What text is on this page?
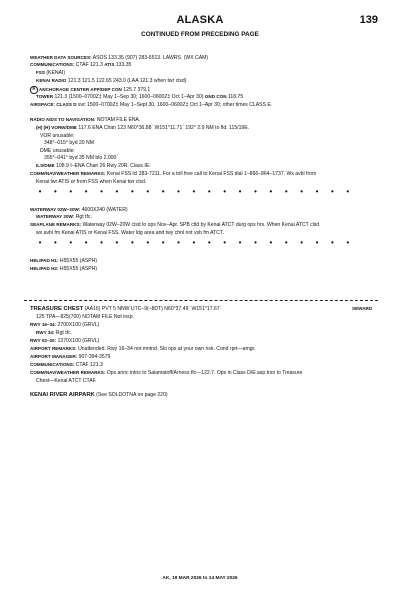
ALASKA	139
CONTINUED FROM PRECEDING PAGE
WEATHER DATA SOURCES: ASOS 133.35 (907) 283-6513. LAWRS. (WX CAM)
COMMUNICATIONS: CTAF 121.3 ATIS 133.35
FSS (KENAI)
KENAI RADIO 121.3 121.5 122.65 243.0 (LAA 121.3 when twr clsd)
R ANCHORAGE CENTER APP/DEP CON 125.7 379.1
TOWER 121.3 (1500–0700Z‡ May 1–Sep 30; 1600–0600Z‡ Oct 1–Apr 30) GND CON 118.75
AIRSPACE: CLASS D svc 1500–0700Z‡ May 1–Sept 30, 1600–0600Z‡ Oct 1–Apr 30; other times CLASS E.
RADIO AIDS TO NAVIGATION: NOTAM FILE ENA.
(H) (H) VORW/DME 117.6 ENA Chan 123 N60°36.88´ W151°11.71´ 192° 2.9 NM to fld. 115/19E.
VOR unusable:
348°–015° byd 20 NM
DME unusable:
355°–041° byd 35 NM blo 2,000´
ILS/DME 108.9 I–ENA Chan 26 Rwy 20R. Class IE.
COMM/NAV/WEATHER REMARKS: Kenai FSS lcl 283-7211. For a toll free call to Kenai FSS dial 1–866–864–1737. Wx avbl from
Kenai twr ATIS or from FSS when Kenai twr clsd.
• • • • • • • • • • • • • • • • • • • • •
WATERWAY 02W–20W: 4600X240 (WATER)
WATERWAY 20W: Rgt tfc.
SEAPLANE REMARKS: Waterway 02W–20W clsd to ops Nov–Apr. SPB ctld by Kenai ATCT durg ops hrs. When Kenai ATCT clsd
wx avbl fm Kenai ATIS or Kenai FSS. Water ldg area and twy chnl not vsb fm ATCT.
• • • • • • • • • • • • • • • • • • • • •
HELIPAD H1: H55X55 (ASPH)
HELIPAD H2: H55X55 (ASPH)
TREASURE CHEST (AA16) PVT 5 NNW UTC–9(–8DT) N60°37.49´ W151°17.67´	SEWARD
125 TPA—825(700) NOTAM FILE Not insp.
RWY 16–34: 2700X100 (GRVL)
RWY 34: Rgt tfc.
RWY 02–20: 1370X100 (GRVL)
AIRPORT REMARKS: Unattended. Rwy 16–34 not mntnd. Ski ops at your own risk. Cond rprt—amgr.
AIRPORT MANAGER: 907-394-3579
COMMUNICATIONS: CTAF 121.3
COMM/NAV/WEATHER REMARKS: Ops annc intns to Salamatoff/Arness tfc—122.7. Ops in Class D/E asp trsn to Treasure
Chest—Kenai ATCT CTAF.
KENAI RIVER AIRPARK (See SOLDOTNA on page 220)
AK, 19 MAR 2026 to 14 MAY 2026
